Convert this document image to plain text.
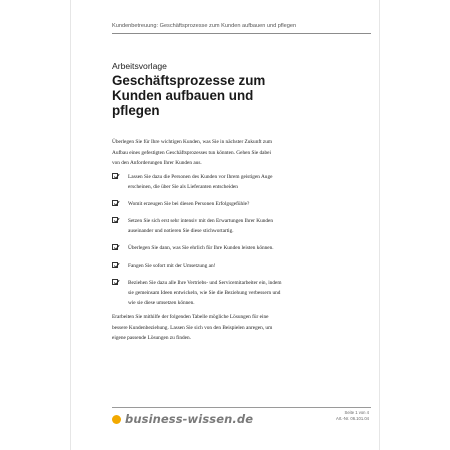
Kundenbetreuung: Geschäftsprozesse zum Kunden aufbauen und pflegen
Arbeitsvorlage
Geschäftsprozesse zum
Kunden aufbauen und
pflegen
Überlegen Sie für Ihre wichtigen Kunden, was Sie in nächster Zukunft zum
Aufbau eines gefestigten Geschäftsprozesses tun könnten. Gehen Sie dabei
von den Anforderungen Ihrer Kunden aus.
Lassen Sie dazu die Personen des Kunden vor Ihrem geistigen Auge
erscheinen, die über Sie als Lieferanten entscheiden
Womit erzeugen Sie bei diesen Personen Erfolgsgefühle?
Setzen Sie sich erst sehr intensiv mit den Erwartungen Ihrer Kunden
auseinander und notieren Sie diese stichwortartig.
Überlegen Sie dann, was Sie ehrlich für Ihre Kunden leisten können.
Fangen Sie sofort mit der Umsetzung an!
Beziehen Sie dazu alle Ihre Vertriebs- und Servicemitarbeiter ein, indem
sie gemeinsam Ideen entwickeln, wie Sie die Beziehung verbessern und
wie sie diese umsetzen können.
Erarbeiten Sie mithilfe der folgenden Tabelle mögliche Lösungen für eine
bessere Kundenbeziehung. Lassen Sie sich von den Beispielen anregen, um
eigene passende Lösungen zu finden.
business-wissen.de	Seite 1 von 4
Art.-Nr. 06.101.04
